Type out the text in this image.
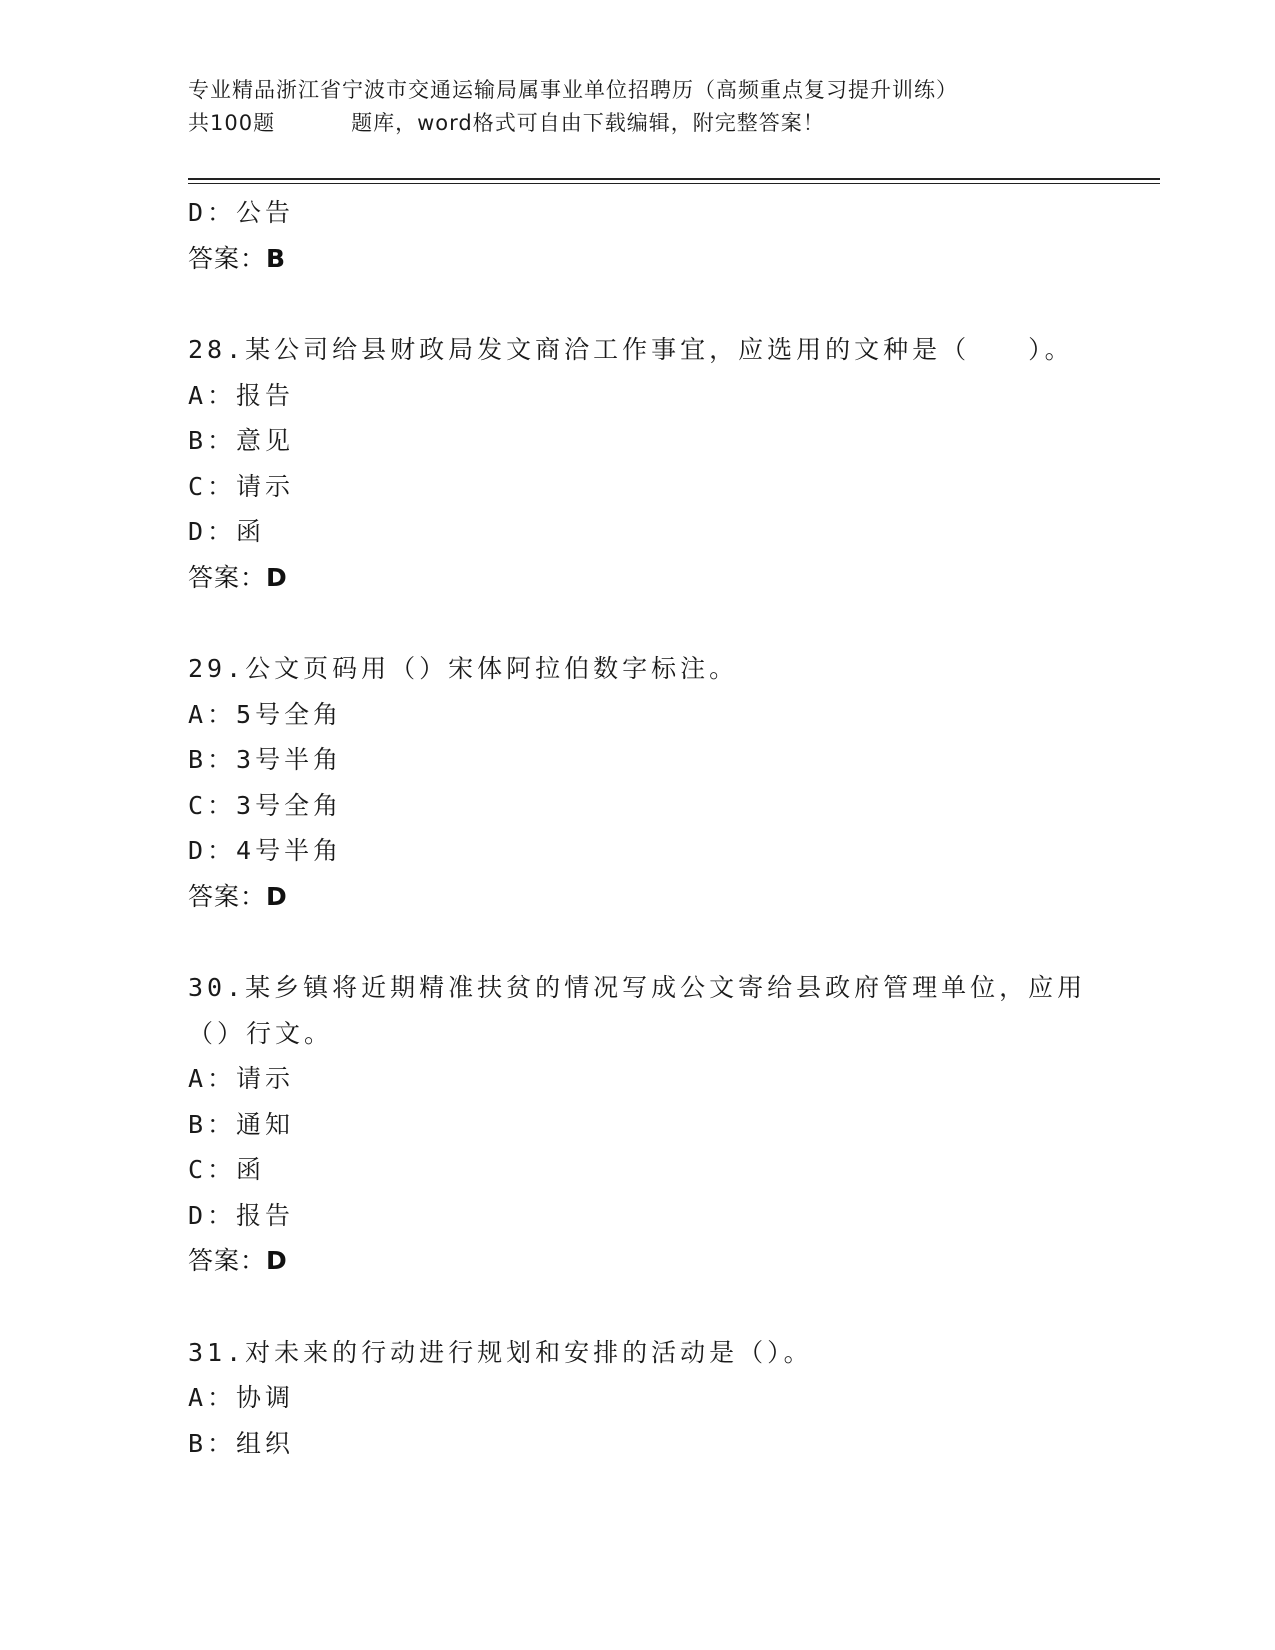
专业精品浙江省宁波市交通运输局属事业单位招聘历（高频重点复习提升训练）
共100题	题库，word格式可自由下载编辑，附完整答案！
D：公告
答案：B
28.某公司给县财政局发文商洽工作事宜，应选用的文种是（　　）。
A：报告
B：意见
C：请示
D：函
答案：D
29.公文页码用（）宋体阿拉伯数字标注。
A：5号全角
B：3号半角
C：3号全角
D：4号半角
答案：D
30.某乡镇将近期精准扶贫的情况写成公文寄给县政府管理单位，应用
（）行文。
A：请示
B：通知
C：函
D：报告
答案：D
31.对未来的行动进行规划和安排的活动是（）。
A：协调
B：组织
